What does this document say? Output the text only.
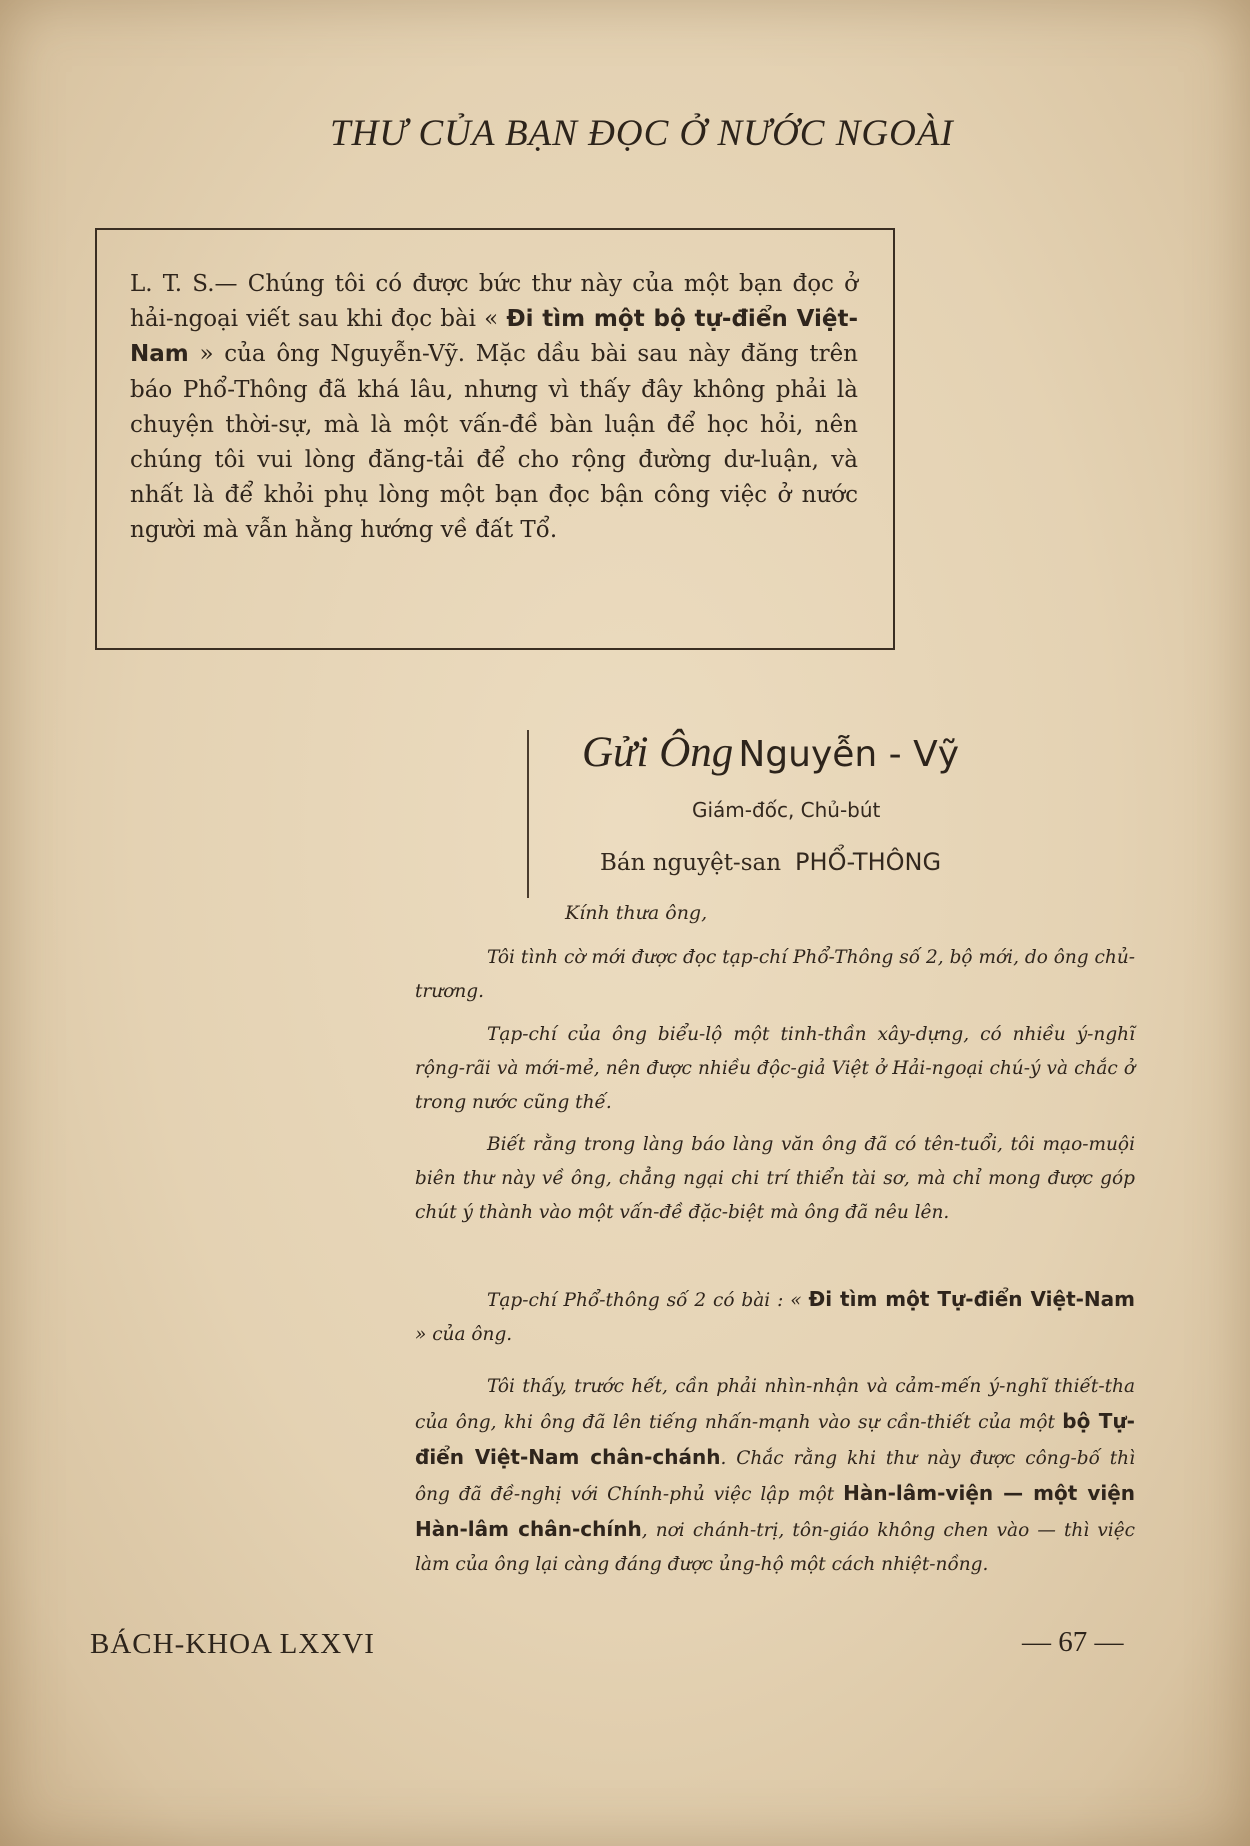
THƯ CỦA BẠN ĐỌC Ở NƯỚC NGOÀI
L. T. S.— Chúng tôi có được bức thư này của một bạn đọc ở hải-ngoại viết sau khi đọc bài « Đi tìm một bộ tự-điển Việt-Nam » của ông Nguyễn-Vỹ. Mặc dầu bài sau này đăng trên báo Phổ-Thông đã khá lâu, nhưng vì thấy đây không phải là chuyện thời-sự, mà là một vấn-đề bàn luận để học hỏi, nên chúng tôi vui lòng đăng-tải để cho rộng đường dư-luận, và nhất là để khỏi phụ lòng một bạn đọc bận công việc ở nước người mà vẫn hằng hướng về đất Tổ.
Gửi Ông Nguyễn - Vỹ
Giám-đốc, Chủ-bút
Bán nguyệt-san PHỔ-THÔNG
Kính thưa ông,
Tôi tình cờ mới được đọc tạp-chí Phổ-Thông số 2, bộ mới, do ông chủ-trương.
Tạp-chí của ông biểu-lộ một tinh-thần xây-dựng, có nhiều ý-nghĩ rộng-rãi và mới-mẻ, nên được nhiều độc-giả Việt ở Hải-ngoại chú-ý và chắc ở trong nước cũng thế.
Biết rằng trong làng báo làng văn ông đã có tên-tuổi, tôi mạo-muội biên thư này về ông, chẳng ngại chi trí thiển tài sơ, mà chỉ mong được góp chút ý thành vào một vấn-đề đặc-biệt mà ông đã nêu lên.
Tạp-chí Phổ-thông số 2 có bài : « Đi tìm một Tự-điển Việt-Nam » của ông.
Tôi thấy, trước hết, cần phải nhìn-nhận và cảm-mến ý-nghĩ thiết-tha của ông, khi ông đã lên tiếng nhấn-mạnh vào sự cần-thiết của một bộ Tự-điển Việt-Nam chân-chánh. Chắc rằng khi thư này được công-bố thì ông đã đề-nghị với Chính-phủ việc lập một Hàn-lâm-viện — một viện Hàn-lâm chân-chính, nơi chánh-trị, tôn-giáo không chen vào — thì việc làm của ông lại càng đáng được ủng-hộ một cách nhiệt-nồng.
BÁCH-KHOA LXXVI	— 67 —
